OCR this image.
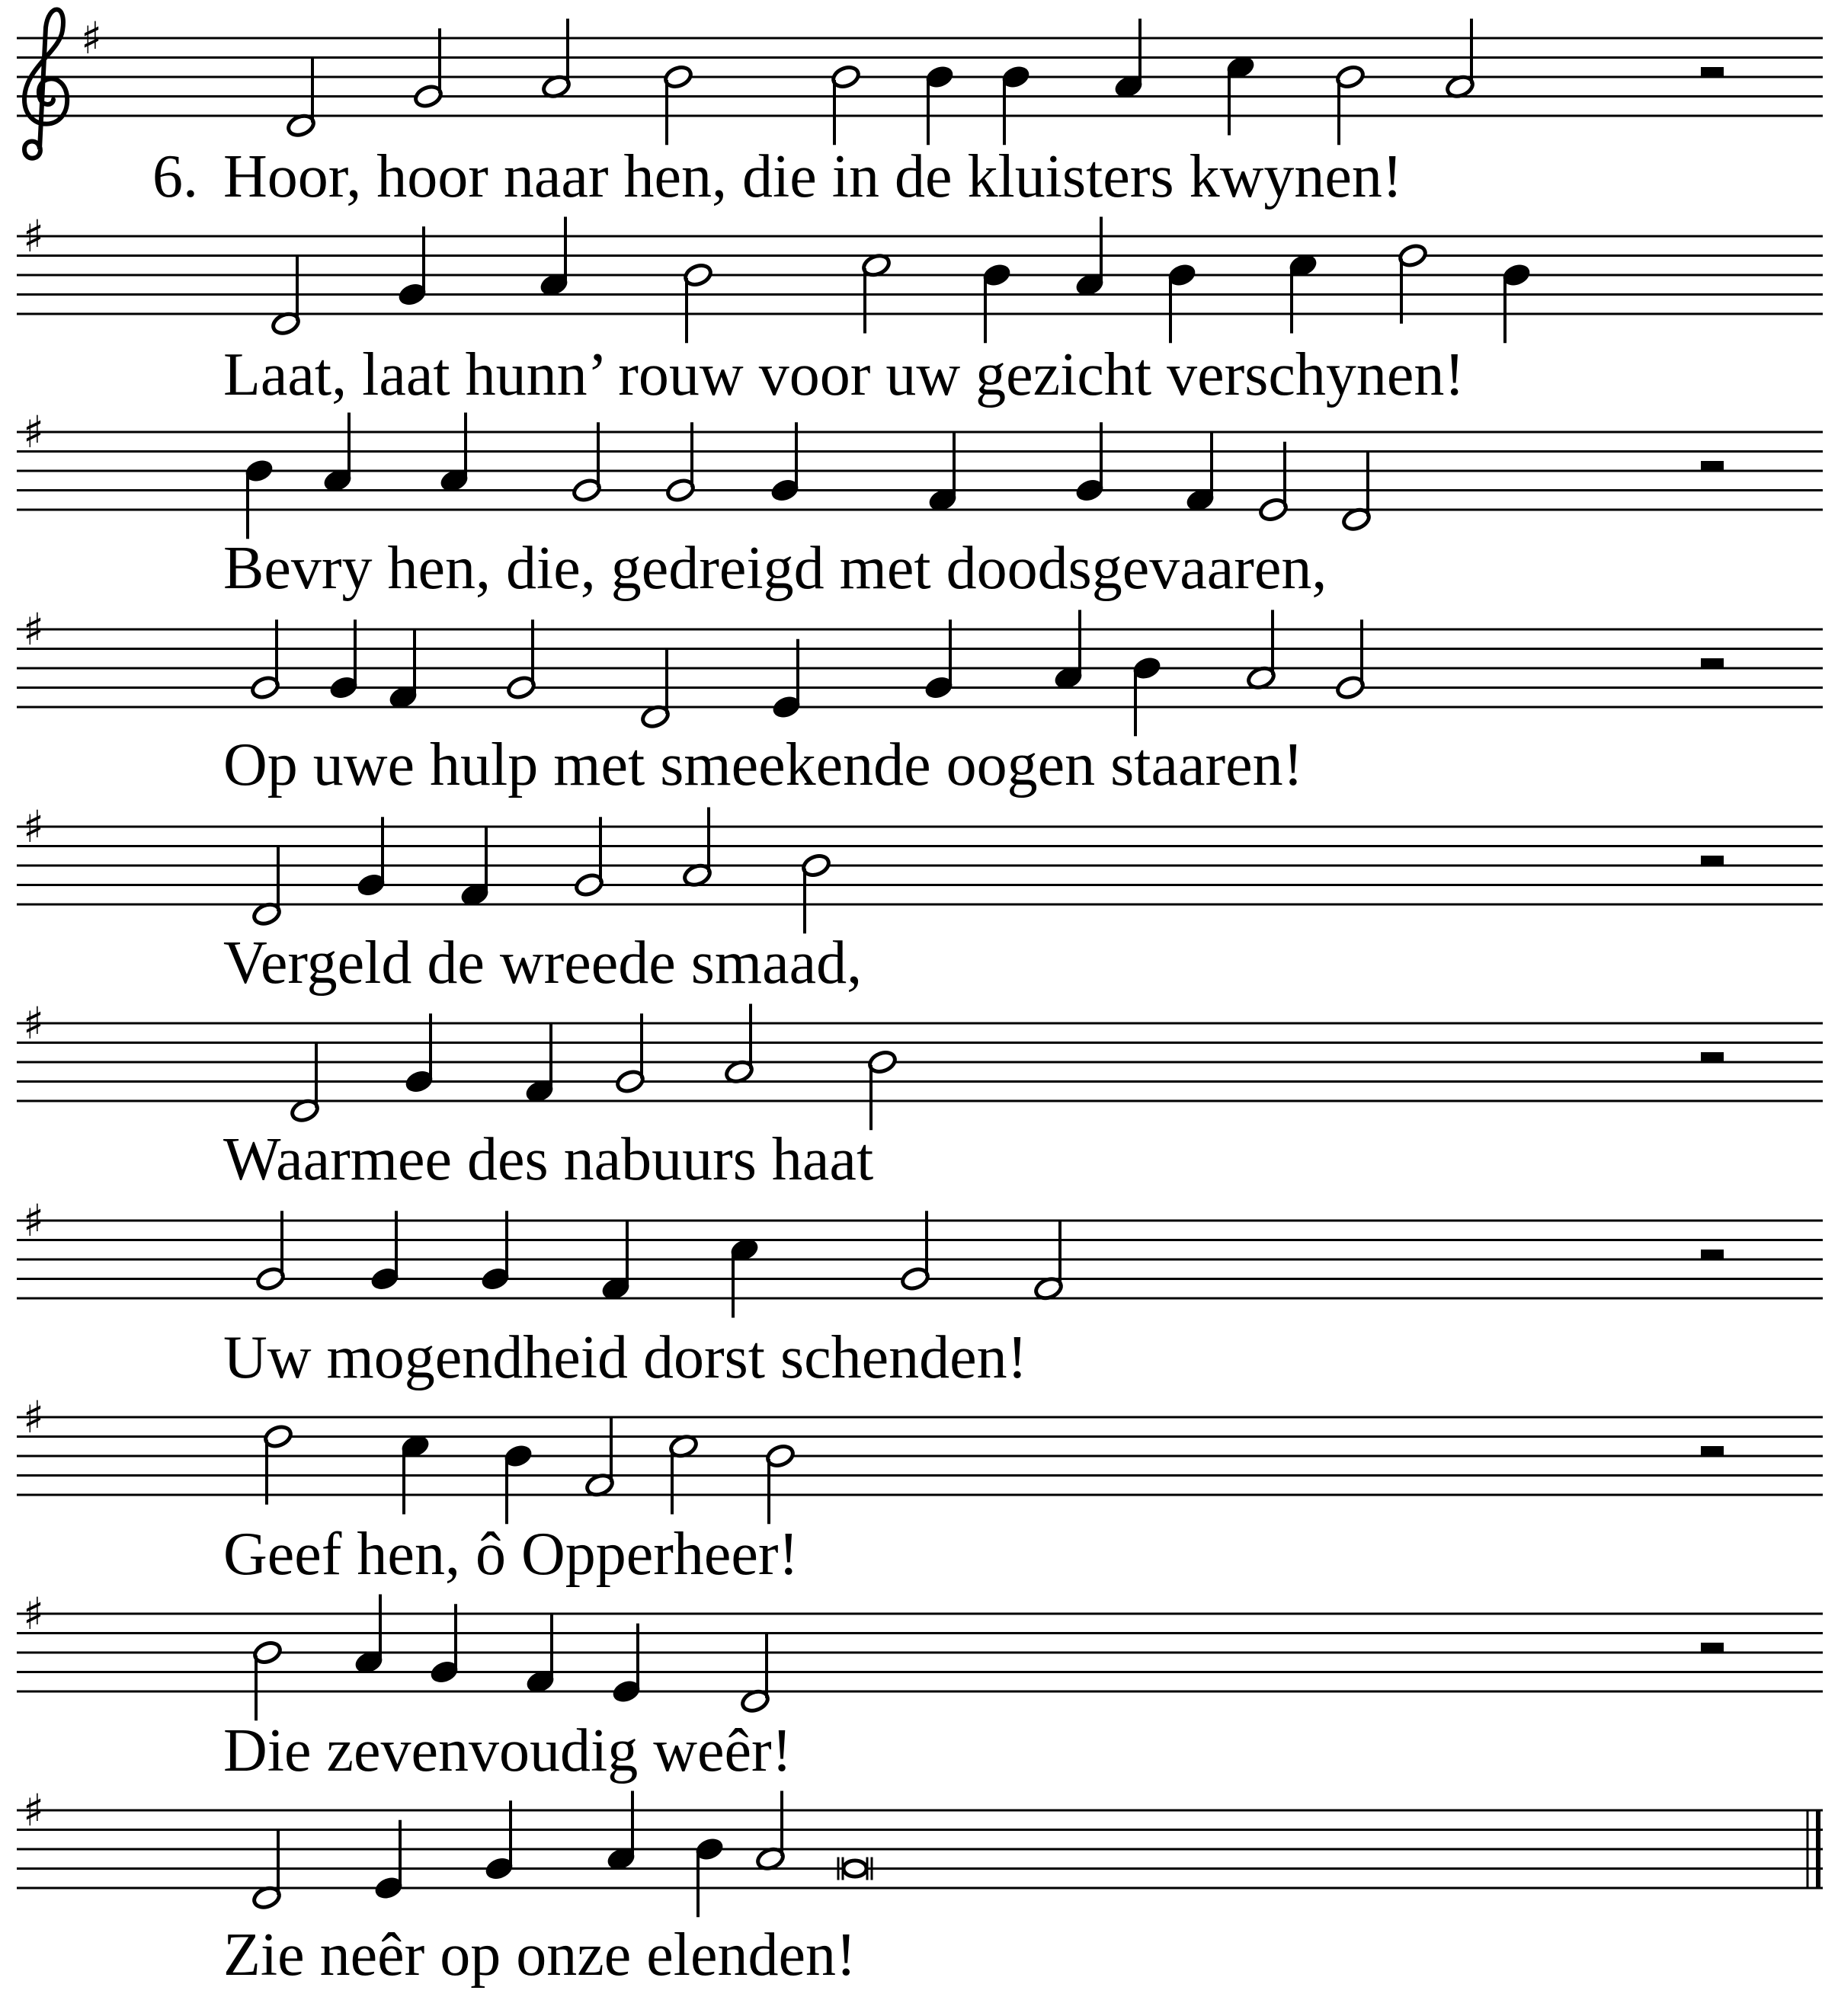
♯
6. Hoor, hoor naar hen, die in de kluisters kwynen!
♯
Laat, laat hunn’ rouw voor uw gezicht verschynen!
♯
Bevry hen, die, gedreigd met doodsgevaaren,
♯
Op uwe hulp met smeekende oogen staaren!
♯
Vergeld de wreede smaad,
♯
Waarmee des nabuurs haat
♯
Uw mogendheid dorst schenden!
♯
Geef hen, ô Opperheer!
♯
Die zevenvoudig weêr!
♯
Zie neêr op onze elenden!
